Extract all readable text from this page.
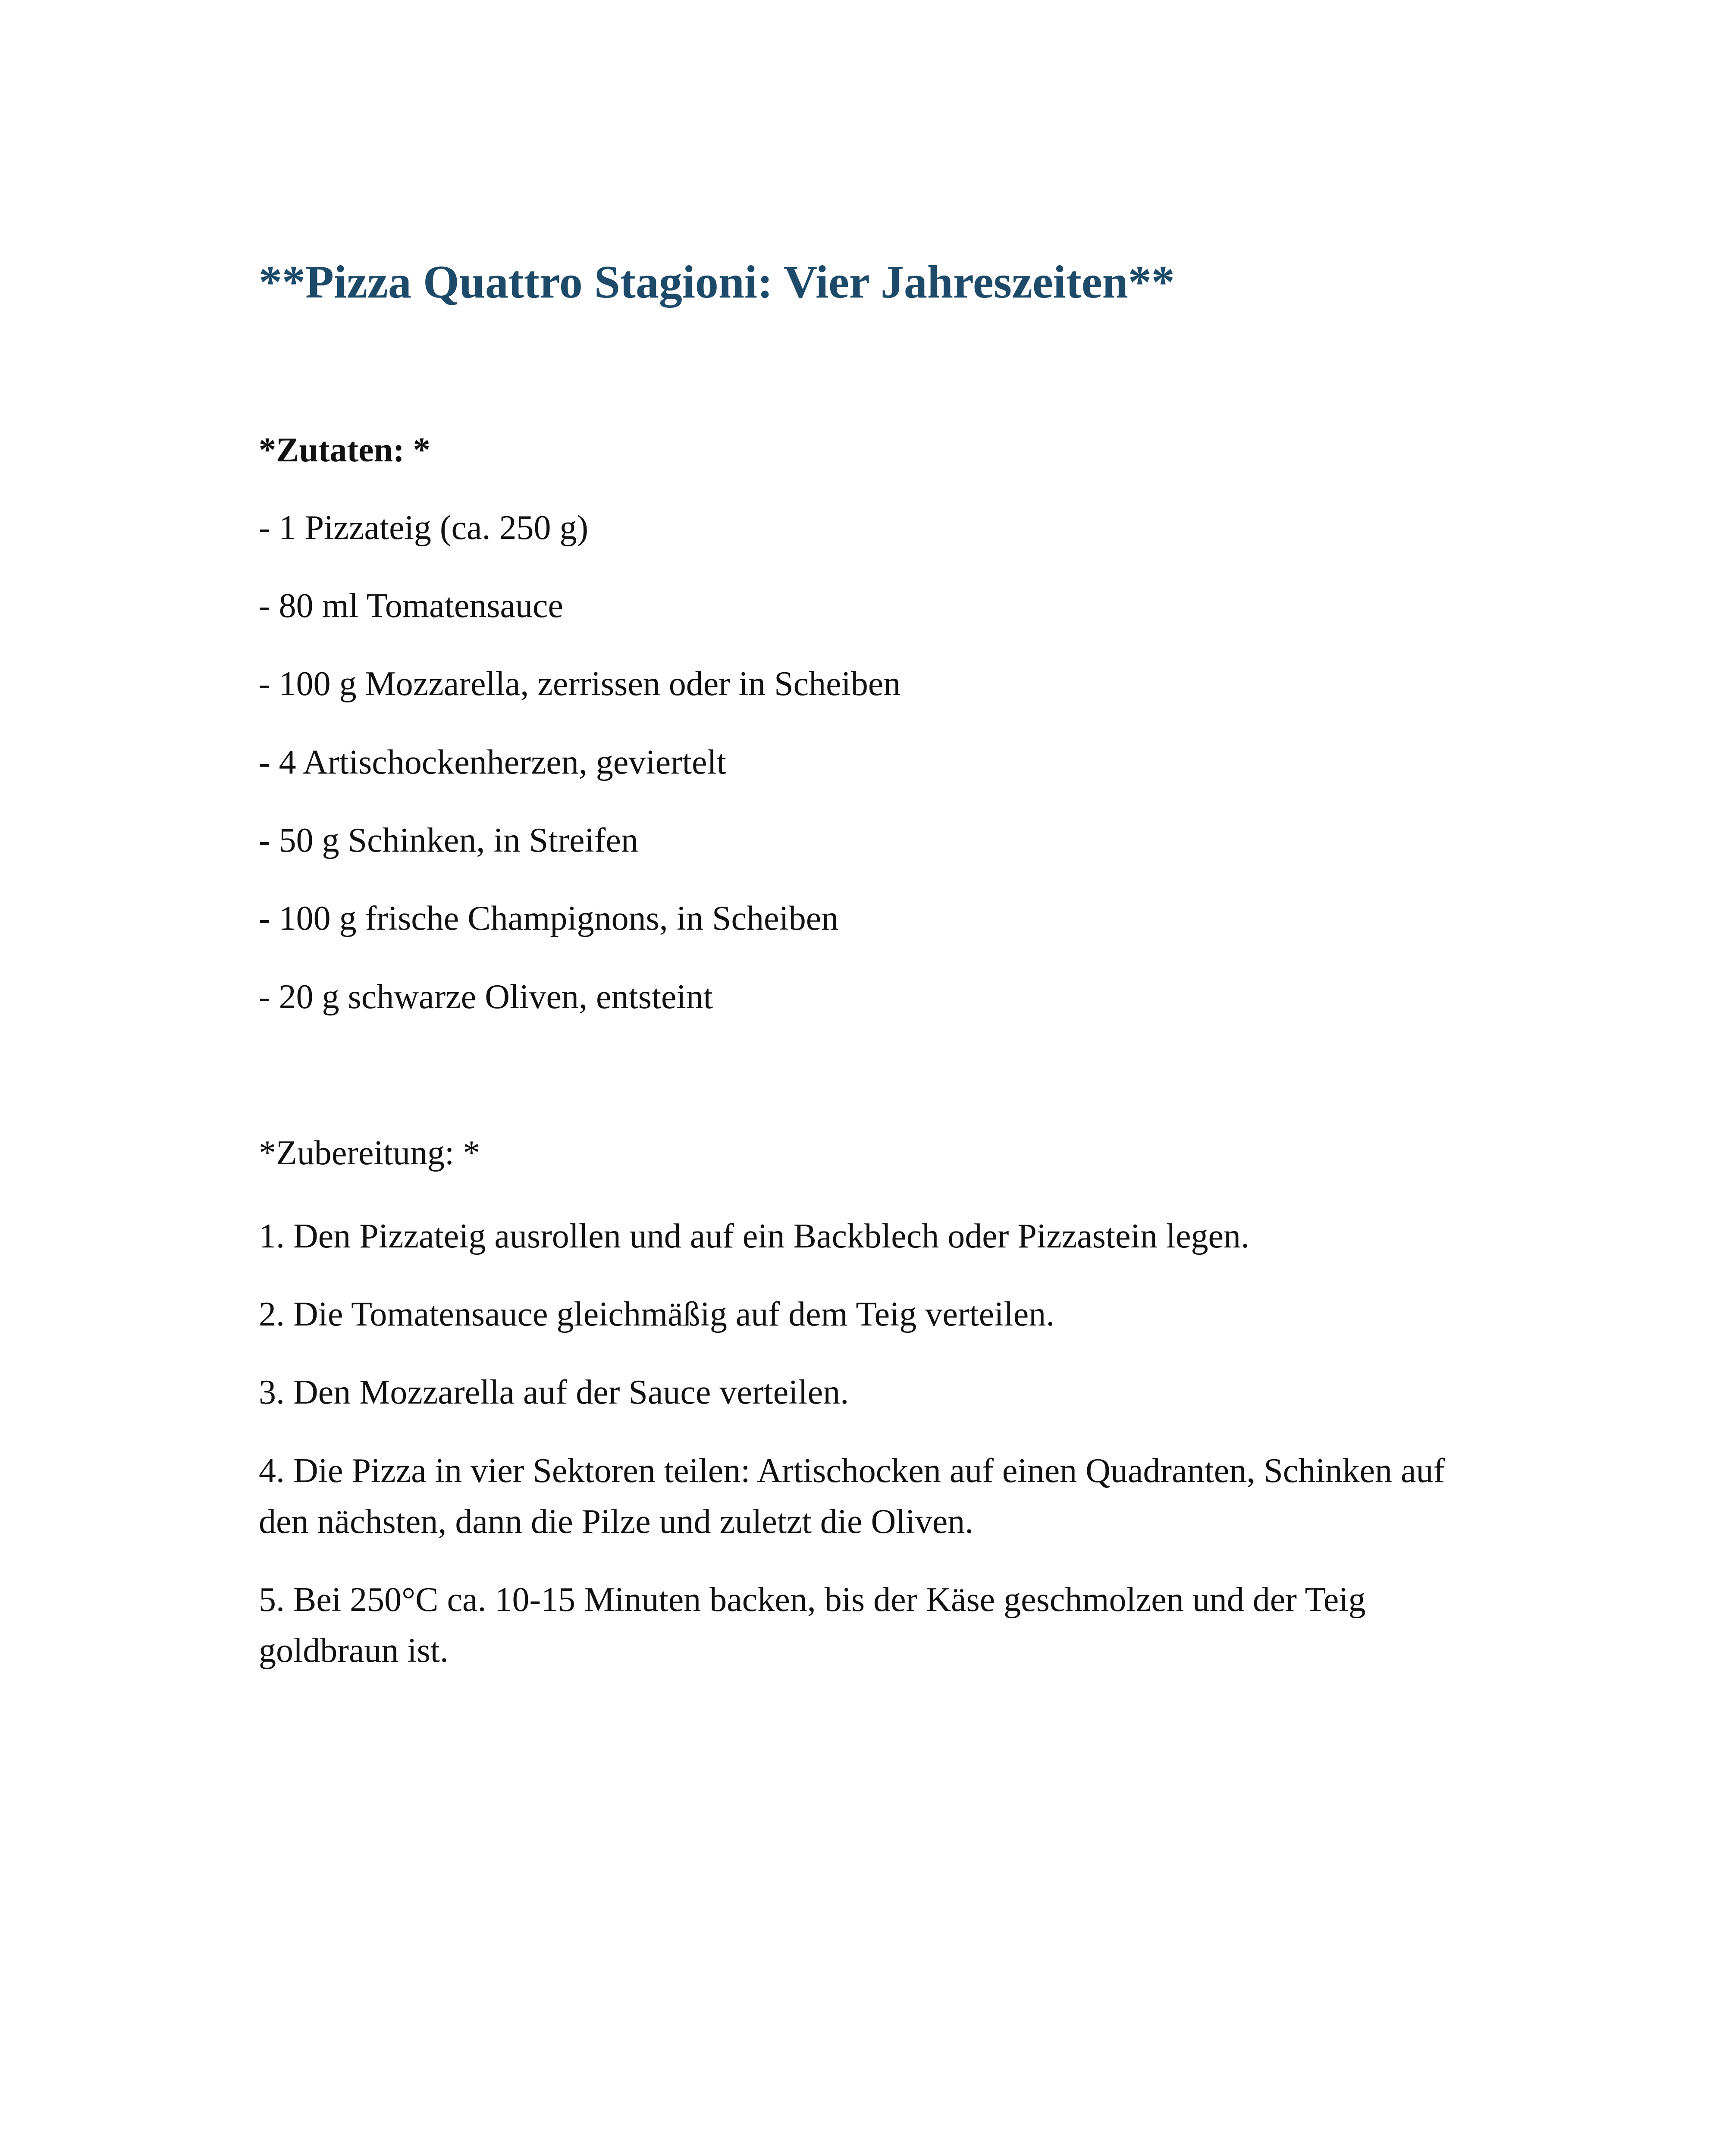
**Pizza Quattro Stagioni: Vier Jahreszeiten**

*Zutaten: *

- 1 Pizzateig (ca. 250 g)

- 80 ml Tomatensauce

- 100 g Mozzarella, zerrissen oder in Scheiben

- 4 Artischockenherzen, geviertelt

- 50 g Schinken, in Streifen

- 100 g frische Champignons, in Scheiben

- 20 g schwarze Oliven, entsteint

*Zubereitung: *

1. Den Pizzateig ausrollen und auf ein Backblech oder Pizzastein legen.

2. Die Tomatensauce gleichmäßig auf dem Teig verteilen.

3. Den Mozzarella auf der Sauce verteilen.

4. Die Pizza in vier Sektoren teilen: Artischocken auf einen Quadranten, Schinken auf den nächsten, dann die Pilze und zuletzt die Oliven.

5. Bei 250°C ca. 10-15 Minuten backen, bis der Käse geschmolzen und der Teig goldbraun ist.
